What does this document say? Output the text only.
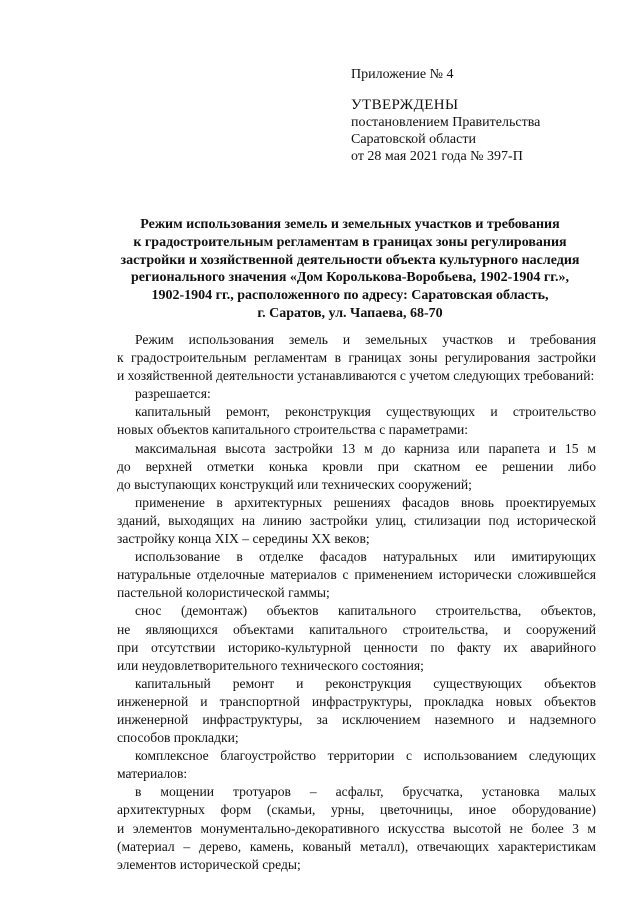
Приложение № 4
УТВЕРЖДЕНЫ
постановлением Правительства
Саратовской области
от 28 мая 2021 года № 397-П
Режим использования земель и земельных участков и требования
к градостроительным регламентам в границах зоны регулирования
застройки и хозяйственной деятельности объекта культурного наследия
регионального значения «Дом Королькова-Воробьева, 1902-1904 гг.»,
1902-1904 гг., расположенного по адресу: Саратовская область,
г. Саратов, ул. Чапаева, 68-70
Режим использования земель и земельных участков и требования
к градостроительным регламентам в границах зоны регулирования застройки
и хозяйственной деятельности устанавливаются с учетом следующих требований:
разрешается:
капитальный ремонт, реконструкция существующих и строительство
новых объектов капитального строительства с параметрами:
максимальная высота застройки 13 м до карниза или парапета и 15 м
до верхней отметки конька кровли при скатном ее решении либо
до выступающих конструкций или технических сооружений;
применение в архитектурных решениях фасадов вновь проектируемых
зданий, выходящих на линию застройки улиц, стилизации под исторической
застройку конца XIX – середины XX веков;
использование в отделке фасадов натуральных или имитирующих
натуральные отделочные материалов с применением исторически сложившейся
пастельной колористической гаммы;
снос (демонтаж) объектов капитального строительства, объектов,
не являющихся объектами капитального строительства, и сооружений
при отсутствии историко-культурной ценности по факту их аварийного
или неудовлетворительного технического состояния;
капитальный ремонт и реконструкция существующих объектов
инженерной и транспортной инфраструктуры, прокладка новых объектов
инженерной инфраструктуры, за исключением наземного и надземного
способов прокладки;
комплексное благоустройство территории с использованием следующих
материалов:
в мощении тротуаров – асфальт, брусчатка, установка малых
архитектурных форм (скамьи, урны, цветочницы, иное оборудование)
и элементов монументально-декоративного искусства высотой не более 3 м
(материал – дерево, камень, кованый металл), отвечающих характеристикам
элементов исторической среды;
